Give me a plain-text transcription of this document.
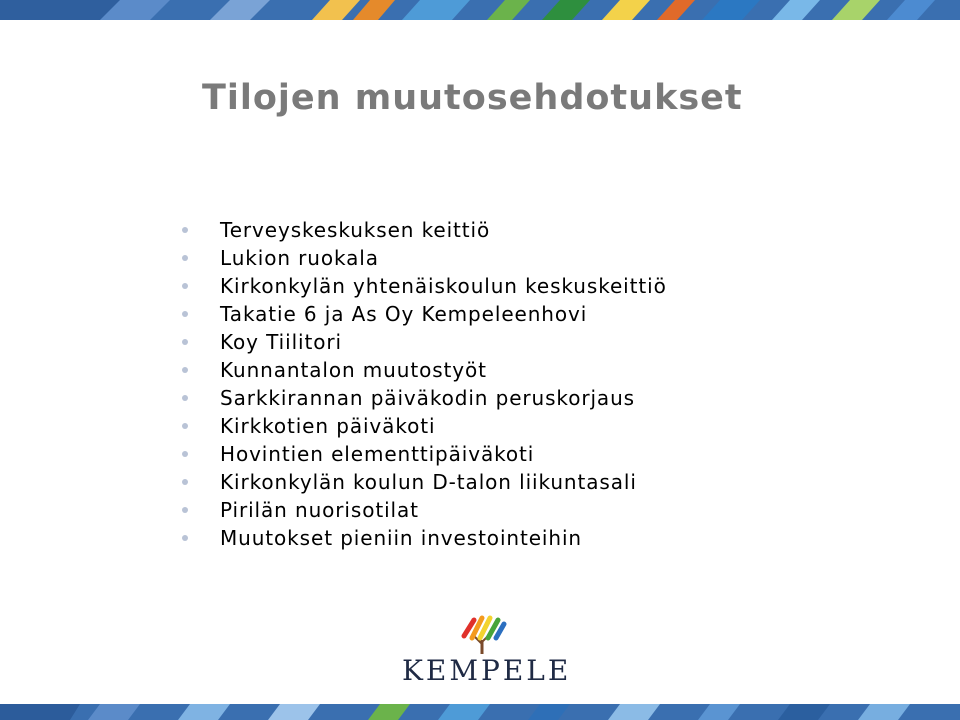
Tilojen muutosehdotukset
Terveyskeskuksen keittiö
Lukion ruokala
Kirkonkylän yhtenäiskoulun keskuskeittiö
Takatie 6 ja As Oy Kempeleenhovi
Koy Tiilitori
Kunnantalon muutostyöt
Sarkkirannan päiväkodin peruskorjaus
Kirkkotien päiväkoti
Hovintien elementtipäiväkoti
Kirkonkylän koulun D-talon liikuntasali
Pirilän nuorisotilat
Muutokset pieniin investointeihin
KEMPELE
